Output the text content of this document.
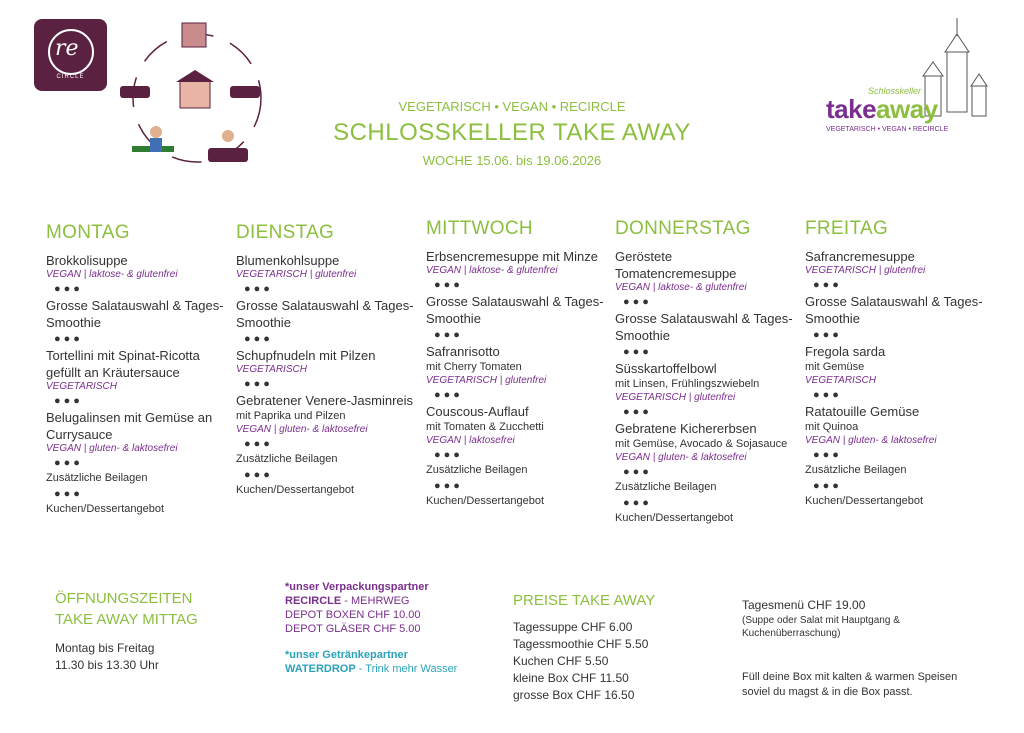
re
CIRCLE
VEGETARISCH • VEGAN • RECIRCLE
SCHLOSSKELLER TAKE AWAY
WOCHE 15.06. bis 19.06.2026
Schlosskeller
takeaway
VEGETARISCH • VEGAN • RECIRCLE
MONTAG
Brokkolisuppe
VEGAN | laktose- & glutenfrei
●●●
Grosse Salatauswahl & Tages-Smoothie
●●●
Tortellini mit Spinat-Ricotta gefüllt an Kräutersauce
VEGETARISCH
●●●
Belugalinsen mit Gemüse an Currysauce
VEGAN | gluten- & laktosefrei
●●●
Zusätzliche Beilagen
●●●
Kuchen/Dessertangebot
DIENSTAG
Blumenkohlsuppe
VEGETARISCH | glutenfrei
●●●
Grosse Salatauswahl & Tages-Smoothie
●●●
Schupfnudeln mit Pilzen
VEGETARISCH
●●●
Gebratener Venere-Jasminreis
mit Paprika und Pilzen
VEGAN | gluten- & laktosefrei
●●●
Zusätzliche Beilagen
●●●
Kuchen/Dessertangebot
MITTWOCH
Erbsencremesuppe mit Minze
VEGAN | laktose- & glutenfrei
●●●
Grosse Salatauswahl & Tages-Smoothie
●●●
Safranrisotto
mit Cherry Tomaten
VEGETARISCH | glutenfrei
●●●
Couscous-Auflauf
mit Tomaten & Zucchetti
VEGAN | laktosefrei
●●●
Zusätzliche Beilagen
●●●
Kuchen/Dessertangebot
DONNERSTAG
Geröstete Tomatencremesuppe
VEGAN | laktose- & glutenfrei
●●●
Grosse Salatauswahl & Tages-Smoothie
●●●
Süsskartoffelbowl
mit Linsen, Frühlingszwiebeln
VEGETARISCH | glutenfrei
●●●
Gebratene Kichererbsen
mit Gemüse, Avocado & Sojasauce
VEGAN | gluten- & laktosefrei
●●●
Zusätzliche Beilagen
●●●
Kuchen/Dessertangebot
FREITAG
Safrancremesuppe
VEGETARISCH | glutenfrei
●●●
Grosse Salatauswahl & Tages-Smoothie
●●●
Fregola sarda
mit Gemüse
VEGETARISCH
●●●
Ratatouille Gemüse
mit Quinoa
VEGAN | gluten- & laktosefrei
●●●
Zusätzliche Beilagen
●●●
Kuchen/Dessertangebot
ÖFFNUNGSZEITEN
TAKE AWAY MITTAG
Montag bis Freitag
11.30 bis 13.30 Uhr
*unser Verpackungspartner
RECIRCLE - MEHRWEG
DEPOT BOXEN CHF 10.00
DEPOT GLÄSER CHF 5.00
*unser Getränkepartner
WATERDROP - Trink mehr Wasser
PREISE TAKE AWAY
Tagessuppe CHF 6.00
Tagessmoothie CHF 5.50
Kuchen CHF 5.50
kleine Box CHF 11.50
grosse Box CHF 16.50
Tagesmenü CHF 19.00
(Suppe oder Salat mit Hauptgang & Kuchenüberraschung)
Füll deine Box mit kalten & warmen Speisen soviel du magst & in die Box passt.
